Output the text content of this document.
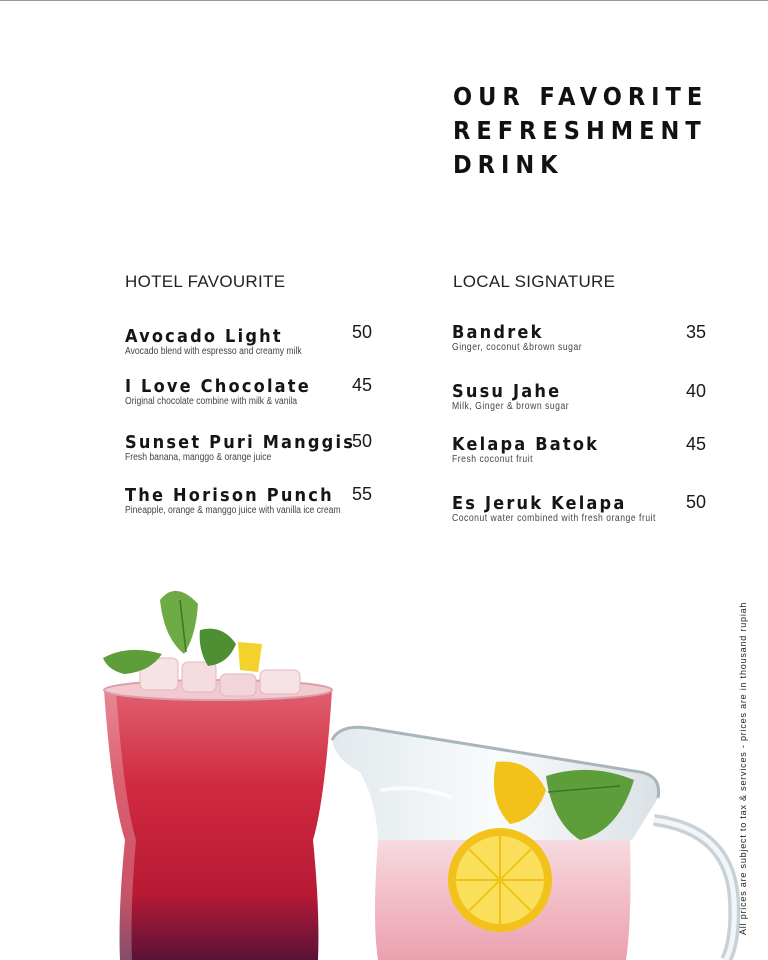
OUR FAVORITE
REFRESHMENT
DRINK
HOTEL FAVOURITE
Avocado Light
Avocado blend with espresso and creamy milk
50
I Love Chocolate
Original chocolate combine with milk & vanila
45
Sunset Puri Manggis
Fresh banana, manggo & orange juice
50
The Horison Punch
Pineapple, orange & manggo juice with vanilla ice cream
55
LOCAL SIGNATURE
Bandrek
Ginger, coconut &brown sugar
35
Susu Jahe
Milk, Ginger & brown sugar
40
Kelapa Batok
Fresh coconut fruit
45
Es Jeruk Kelapa
Coconut water combined with fresh orange fruit
50
All prices are subject to tax & services - prices are in thousand rupiah
